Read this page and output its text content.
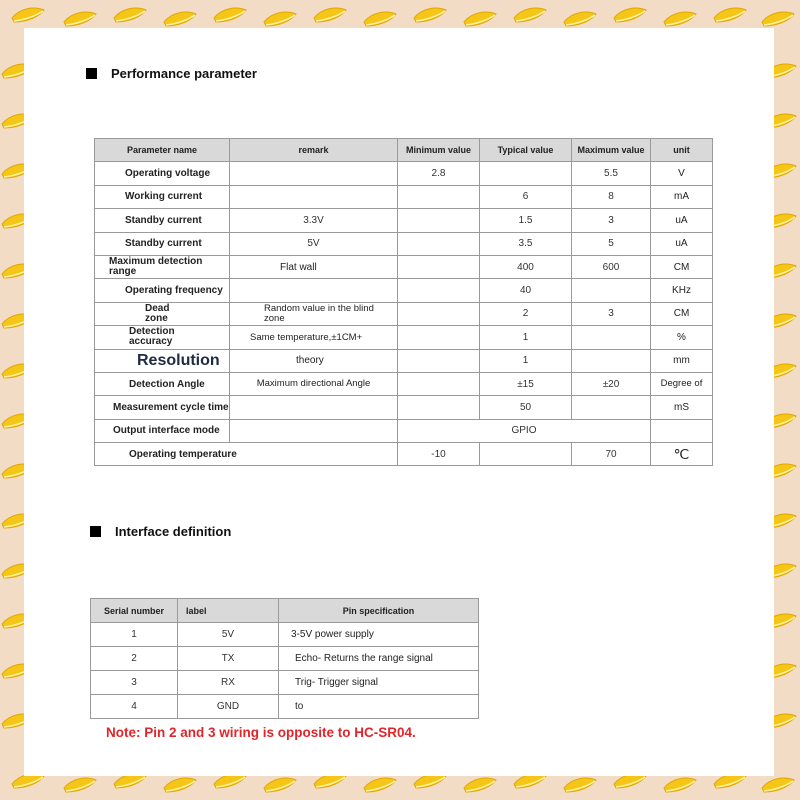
Performance parameter
Parameter name	remark	Minimum value	Typical value	Maximum value	unit
Operating voltage		2.8		5.5	V
Working current			6	8	mA
Standby current	3.3V		1.5	3	uA
Standby current	5V		3.5	5	uA
Maximum detection range	Flat wall		400	600	CM
Operating frequency			40		KHz
Dead zone	Random value in the blind zone		2	3	CM
Detection accuracy	Same temperature,±1CM+		1		%
Resolution	theory		1		mm
Detection Angle	Maximum directional Angle		±15	±20	Degree of
Measurement cycle time			50		mS
Output interface mode		GPIO			
Operating temperature		-10		70	℃
Interface definition
Serial number	label	Pin specification
1	5V	3-5V power supply
2	TX	Echo- Returns the range signal
3	RX	Trig- Trigger signal
4	GND	to
Note: Pin 2 and 3 wiring is opposite to HC-SR04.
